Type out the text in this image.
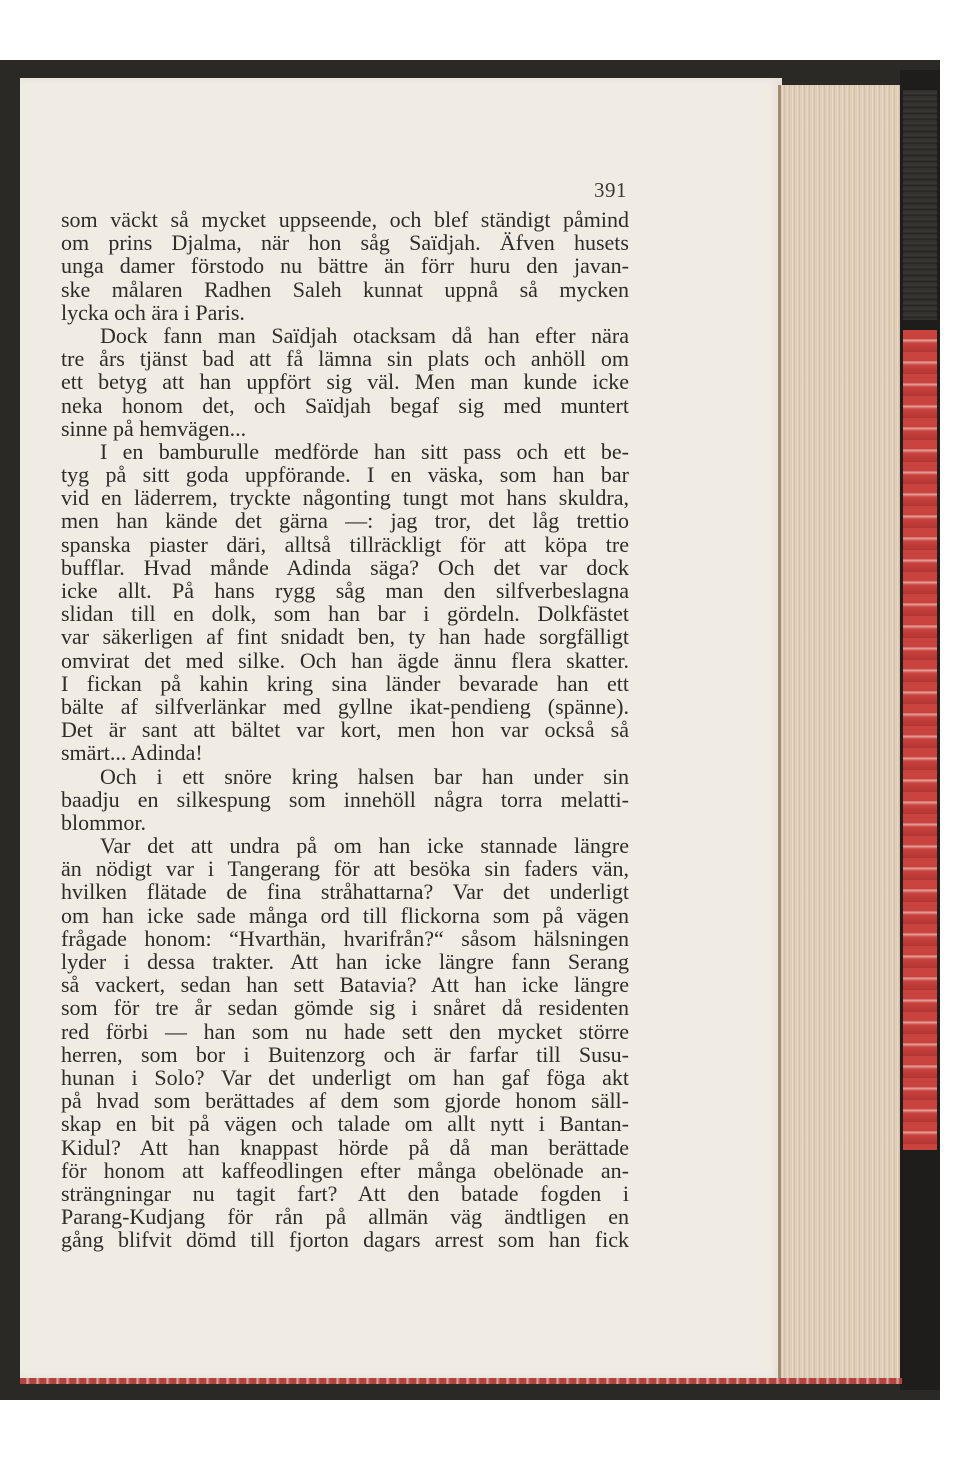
391
som väckt så mycket uppseende, och blef ständigt påmind
om prins Djalma, när hon såg Saïdjah. Äfven husets
unga damer förstodo nu bättre än förr huru den javan-
ske målaren Radhen Saleh kunnat uppnå så mycken
lycka och ära i Paris.
Dock fann man Saïdjah otacksam då han efter nära
tre års tjänst bad att få lämna sin plats och anhöll om
ett betyg att han uppfört sig väl. Men man kunde icke
neka honom det, och Saïdjah begaf sig med muntert
sinne på hemvägen...
I en bamburulle medförde han sitt pass och ett be-
tyg på sitt goda uppförande. I en väska, som han bar
vid en läderrem, tryckte någonting tungt mot hans skuldra,
men han kände det gärna —: jag tror, det låg trettio
spanska piaster däri, alltså tillräckligt för att köpa tre
bufflar. Hvad månde Adinda säga? Och det var dock
icke allt. På hans rygg såg man den silfverbeslagna
slidan till en dolk, som han bar i gördeln. Dolkfästet
var säkerligen af fint snidadt ben, ty han hade sorgfälligt
omvirat det med silke. Och han ägde ännu flera skatter.
I fickan på kahin kring sina länder bevarade han ett
bälte af silfverlänkar med gyllne ikat-pendieng (spänne).
Det är sant att bältet var kort, men hon var också så
smärt... Adinda!
Och i ett snöre kring halsen bar han under sin
baadju en silkespung som innehöll några torra melatti-
blommor.
Var det att undra på om han icke stannade längre
än nödigt var i Tangerang för att besöka sin faders vän,
hvilken flätade de fina stråhattarna? Var det underligt
om han icke sade många ord till flickorna som på vägen
frågade honom: “Hvarthän, hvarifrån?“ såsom hälsningen
lyder i dessa trakter. Att han icke längre fann Serang
så vackert, sedan han sett Batavia? Att han icke längre
som för tre år sedan gömde sig i snåret då residenten
red förbi — han som nu hade sett den mycket större
herren, som bor i Buitenzorg och är farfar till Susu-
hunan i Solo? Var det underligt om han gaf föga akt
på hvad som berättades af dem som gjorde honom säll-
skap en bit på vägen och talade om allt nytt i Bantan-
Kidul? Att han knappast hörde på då man berättade
för honom att kaffeodlingen efter många obelönade an-
strängningar nu tagit fart? Att den batade fogden i
Parang-Kudjang för rån på allmän väg ändtligen en
gång blifvit dömd till fjorton dagars arrest som han fick
